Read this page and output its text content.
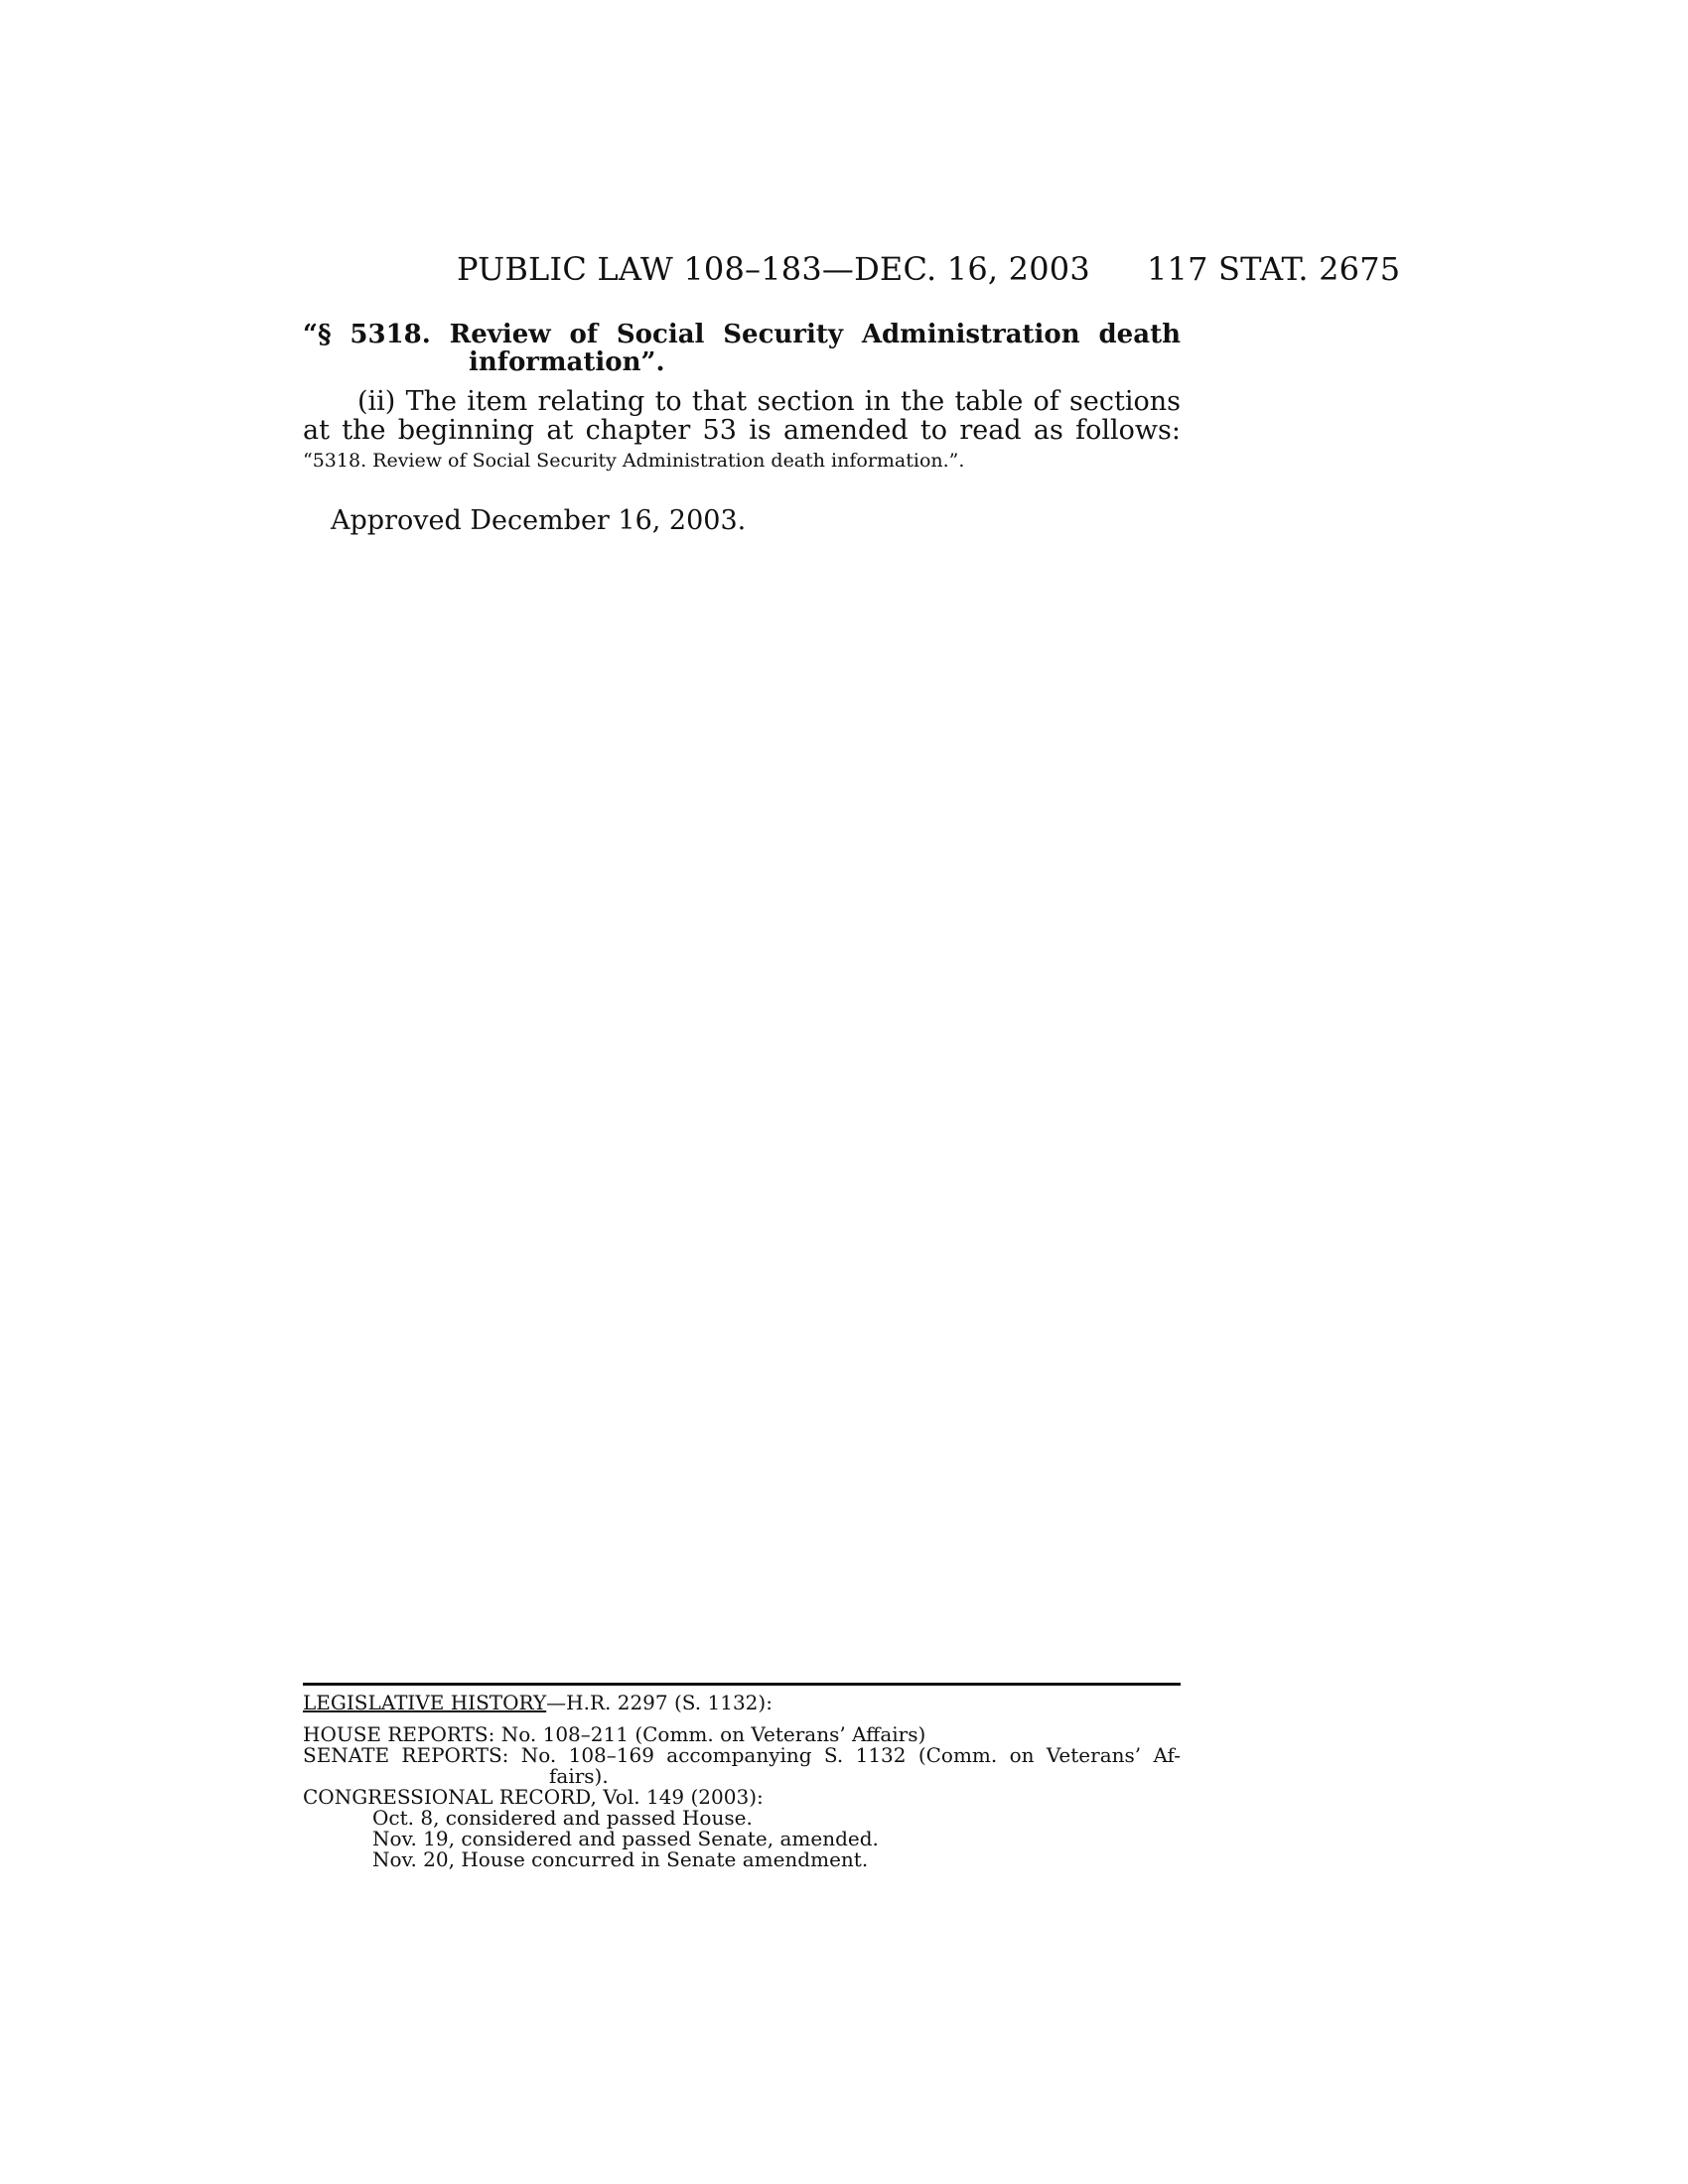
PUBLIC LAW 108–183—DEC. 16, 2003 117 STAT. 2675
“§ 5318. Review of Social Security Administration death
information”.
(ii) The item relating to that section in the table of sections
at the beginning at chapter 53 is amended to read as follows:
“5318. Review of Social Security Administration death information.”.
Approved December 16, 2003.
LEGISLATIVE HISTORY—H.R. 2297 (S. 1132):
HOUSE REPORTS: No. 108–211 (Comm. on Veterans’ Affairs)
SENATE REPORTS: No. 108–169 accompanying S. 1132 (Comm. on Veterans’ Af-
fairs).
CONGRESSIONAL RECORD, Vol. 149 (2003):
Oct. 8, considered and passed House.
Nov. 19, considered and passed Senate, amended.
Nov. 20, House concurred in Senate amendment.
